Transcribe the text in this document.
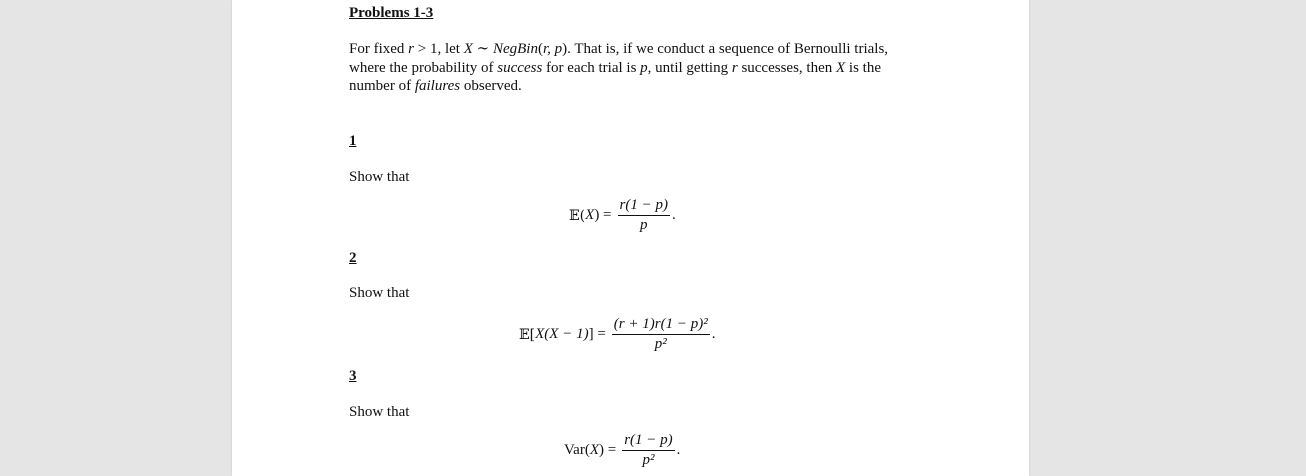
Problems 1-3
For fixed r > 1, let X ∼ NegBin(r, p). That is, if we conduct a sequence of Bernoulli trials, where the probability of success for each trial is p, until getting r successes, then X is the number of failures observed.
1
Show that
𝔼( X ) = $\frac{r(1 - p)}{p}$ .
2
Show that
𝔼[ X(X − 1) ] = $\frac{\text{(r + 1)r(1 − p)²}}{\text{p²}}$ .
3
Show that
Var( X ) = $\frac{r(1 - p)}{\text{p²}}$ .
